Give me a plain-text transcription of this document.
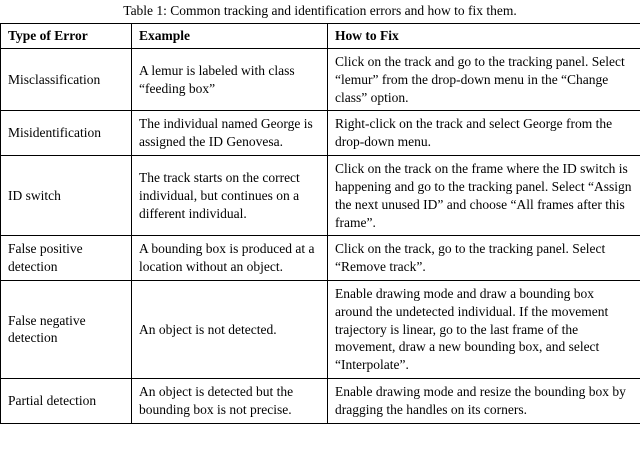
Table 1: Common tracking and identification errors and how to fix them.
Type of Error	Example	How to Fix
Misclassification	A lemur is labeled with class “feeding box”	Click on the track and go to the tracking panel. Select “lemur” from the drop-down menu in the “Change class” option.
Misidentification	The individual named George is assigned the ID Genovesa.	Right-click on the track and select George from the drop-down menu.
ID switch	The track starts on the correct individual, but continues on a different individual.	Click on the track on the frame where the ID switch is happening and go to the tracking panel. Select “Assign the next unused ID” and choose “All frames after this frame”.
False positive detection	A bounding box is produced at a location without an object.	Click on the track, go to the tracking panel. Select “Remove track”.
False negative detection	An object is not detected.	Enable drawing mode and draw a bounding box around the undetected individual. If the movement trajectory is linear, go to the last frame of the movement, draw a new bounding box, and select “Interpolate”.
Partial detection	An object is detected but the bounding box is not precise.	Enable drawing mode and resize the bounding box by dragging the handles on its corners.
